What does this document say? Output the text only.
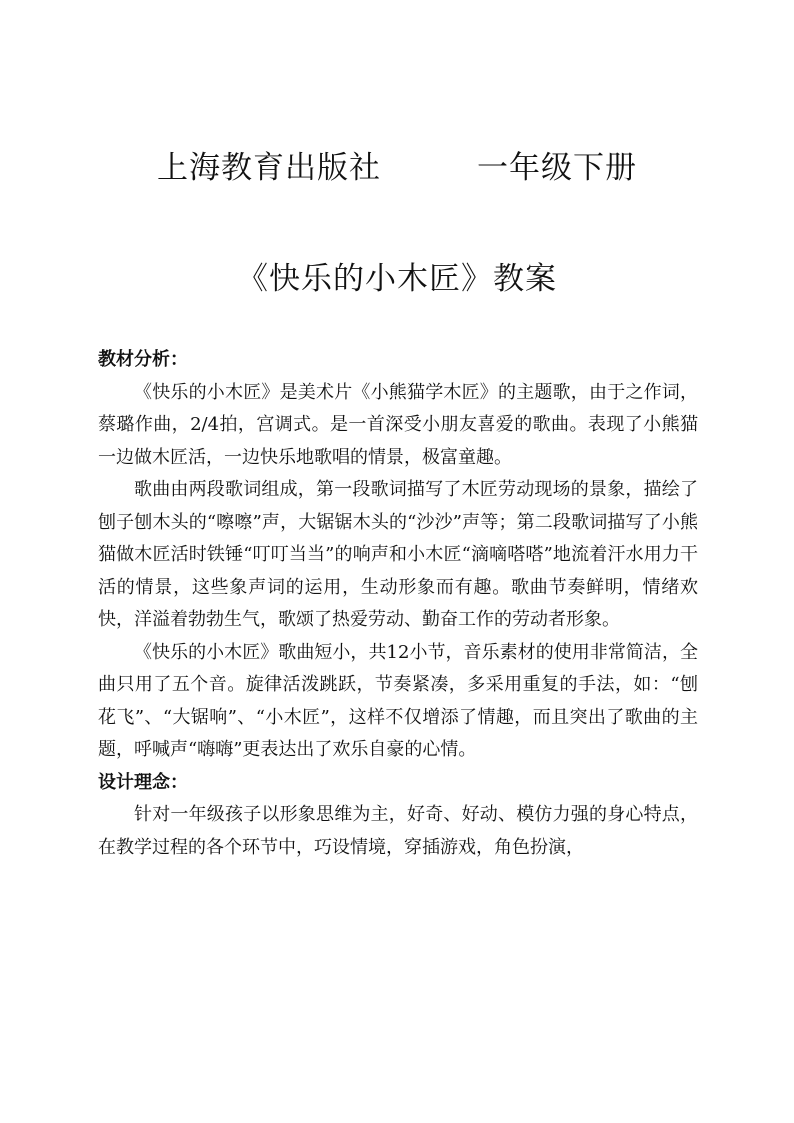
上海教育出版社　　　一年级下册
《快乐的小木匠》教案

教材分析：

《快乐的小木匠》是美术片《小熊猫学木匠》的主题歌，由于之作词，蔡璐作曲，2/4拍，宫调式。是一首深受小朋友喜爱的歌曲。表现了小熊猫一边做木匠活，一边快乐地歌唱的情景，极富童趣。

歌曲由两段歌词组成，第一段歌词描写了木匠劳动现场的景象，描绘了刨子刨木头的“嚓嚓”声，大锯锯木头的“沙沙”声等；第二段歌词描写了小熊猫做木匠活时铁锤“叮叮当当”的响声和小木匠“滴嘀嗒嗒”地流着汗水用力干活的情景，这些象声词的运用，生动形象而有趣。歌曲节奏鲜明，情绪欢快，洋溢着勃勃生气，歌颂了热爱劳动、勤奋工作的劳动者形象。

《快乐的小木匠》歌曲短小，共12小节，音乐素材的使用非常简洁，全曲只用了五个音。旋律活泼跳跃，节奏紧凑，多采用重复的手法，如：“刨花飞”、“大锯响”、“小木匠”，这样不仅增添了情趣，而且突出了歌曲的主题，呼喊声“嗨嗨”更表达出了欢乐自豪的心情。

设计理念：

针对一年级孩子以形象思维为主，好奇、好动、模仿力强的身心特点，在教学过程的各个环节中，巧设情境，穿插游戏，角色扮演，
